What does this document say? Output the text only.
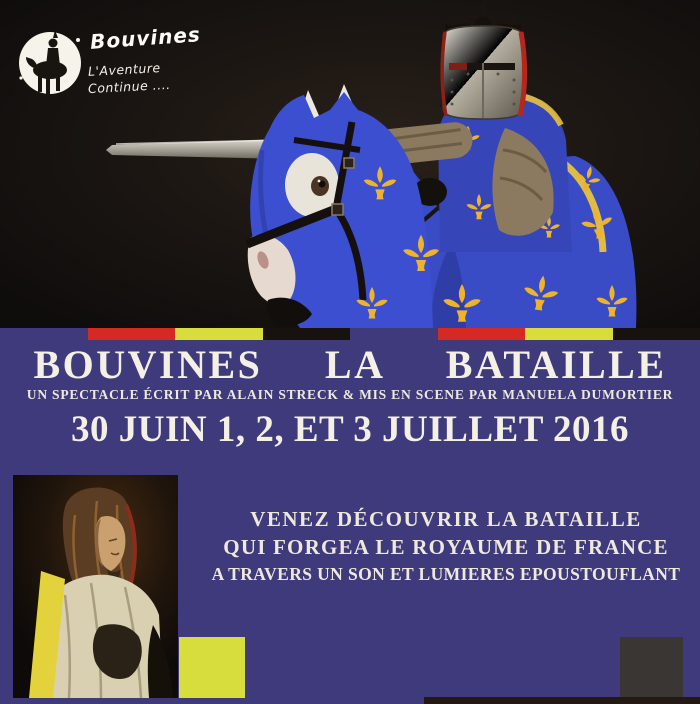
Bouvines
L'Aventure
Continue ....
BOUVINES LA BATAILLE
UN SPECTACLE ÉCRIT PAR ALAIN STRECK & MIS EN SCENE PAR MANUELA DUMORTIER
30 JUIN 1, 2, ET 3 JUILLET 2016
VENEZ DÉCOUVRIR LA BATAILLE
QUI FORGEA LE ROYAUME DE FRANCE
A TRAVERS UN SON ET LUMIERES EPOUSTOUFLANT
